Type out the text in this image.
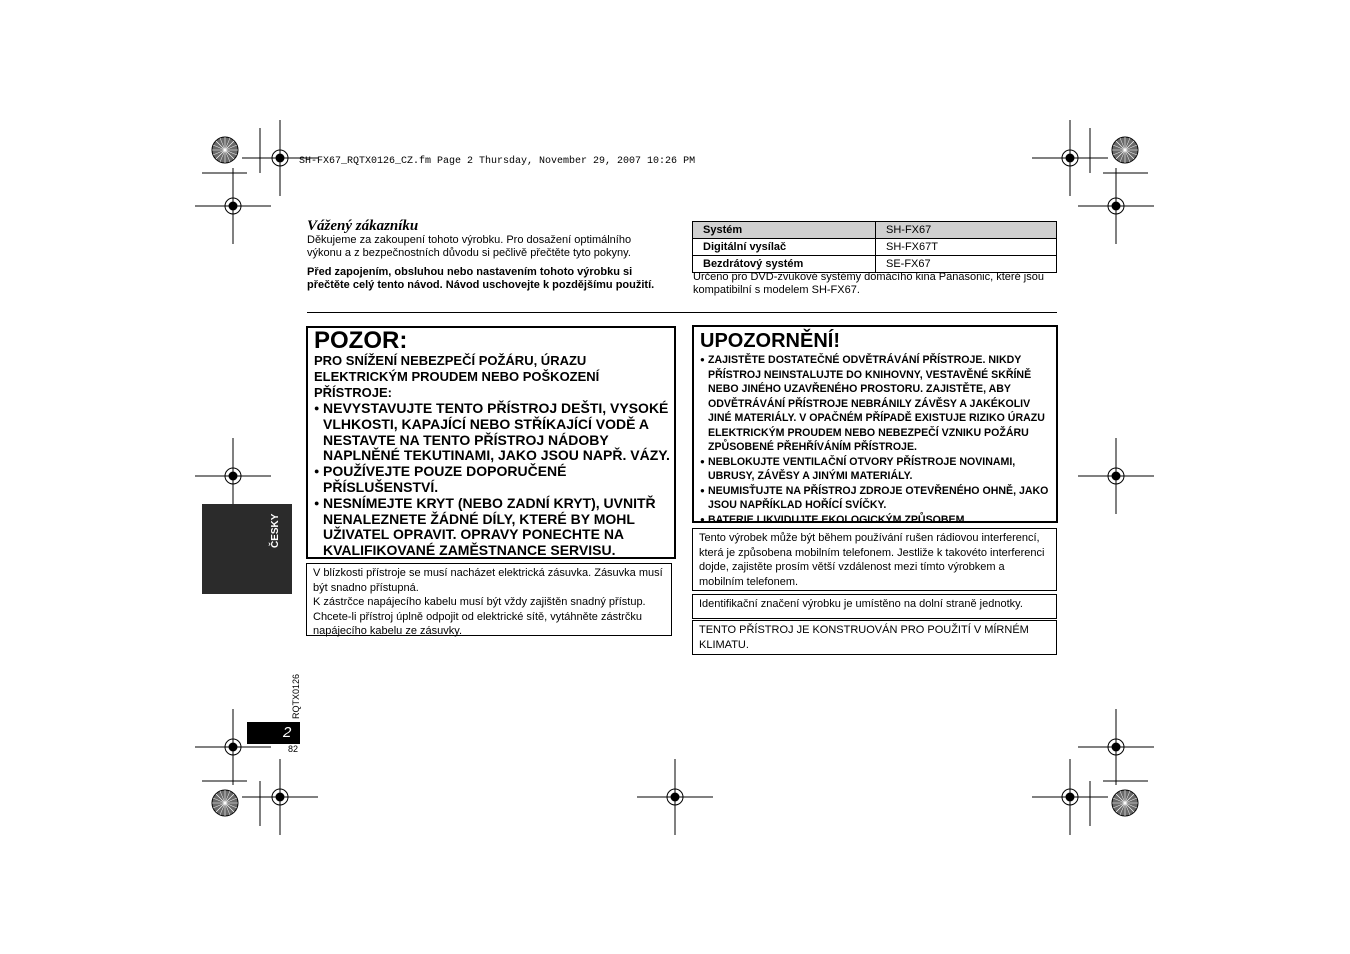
SH-FX67_RQTX0126_CZ.fm Page 2 Thursday, November 29, 2007 10:26 PM
Vážený zákazníku
Děkujeme za zakoupení tohoto výrobku. Pro dosažení optimálního výkonu a z bezpečnostních důvodu si pečlivě přečtěte tyto pokyny.
Před zapojením, obsluhou nebo nastavením tohoto výrobku si přečtěte celý tento návod. Návod uschovejte k pozdějšímu použití.
Systém	SH-FX67
Digitální vysílač	SH-FX67T
Bezdrátový systém	SE-FX67
Určeno pro DVD-zvukové systémy domácího kina Panasonic, které jsou kompatibilní s modelem SH-FX67.
POZOR:
PRO SNÍŽENÍ NEBEZPEČÍ POŽÁRU, ÚRAZU ELEKTRICKÝM PROUDEM NEBO POŠKOZENÍ PŘÍSTROJE:
● NEVYSTAVUJTE TENTO PŘÍSTROJ DEŠTI, VYSOKÉ VLHKOSTI, KAPAJÍCÍ NEBO STŘÍKAJÍCÍ VODĚ A NESTAVTE NA TENTO PŘÍSTROJ NÁDOBY NAPLNĚNÉ TEKUTINAMI, JAKO JSOU NAPŘ. VÁZY.
● POUŽÍVEJTE POUZE DOPORUČENÉ PŘÍSLUŠENSTVÍ.
● NESNÍMEJTE KRYT (NEBO ZADNÍ KRYT), UVNITŘ NENALEZNETE ŽÁDNÉ DÍLY, KTERÉ BY MOHL UŽIVATEL OPRAVIT. OPRAVY PONECHTE NA KVALIFIKOVANÉ ZAMĚSTNANCE SERVISU.
V blízkosti přístroje se musí nacházet elektrická zásuvka. Zásuvka musí být snadno přístupná.
K zástrčce napájecího kabelu musí být vždy zajištěn snadný přístup. Chcete-li přístroj úplně odpojit od elektrické sítě, vytáhněte zástrčku napájecího kabelu ze zásuvky.
UPOZORNĚNÍ!
● ZAJISTĚTE DOSTATEČNÉ ODVĚTRÁVÁNÍ PŘÍSTROJE. NIKDY PŘÍSTROJ NEINSTALUJTE DO KNIHOVNY, VESTAVĚNÉ SKŘÍNĚ NEBO JINÉHO UZAVŘENÉHO PROSTORU. ZAJISTĚTE, ABY ODVĚTRÁVÁNÍ PŘÍSTROJE NEBRÁNILY ZÁVĚSY A JAKÉKOLIV JINÉ MATERIÁLY. V OPAČNÉM PŘÍPADĚ EXISTUJE RIZIKO ÚRAZU ELEKTRICKÝM PROUDEM NEBO NEBEZPEČÍ VZNIKU POŽÁRU ZPŮSOBENÉ PŘEHŘÍVÁNÍM PŘÍSTROJE.
● NEBLOKUJTE VENTILAČNÍ OTVORY PŘÍSTROJE NOVINAMI, UBRUSY, ZÁVĚSY A JINÝMI MATERIÁLY.
● NEUMISŤUJTE NA PŘÍSTROJ ZDROJE OTEVŘENÉHO OHNĚ, JAKO JSOU NAPŘÍKLAD HOŘÍCÍ SVÍČKY.
● BATERIE LIKVIDUJTE EKOLOGICKÝM ZPŮSOBEM.
Tento výrobek může být během používání rušen rádiovou interferencí, která je způsobena mobilním telefonem. Jestliže k takovéto interferenci dojde, zajistěte prosím větší vzdálenost mezi tímto výrobkem a mobilním telefonem.
Identifikační značení výrobku je umístěno na dolní straně jednotky.
TENTO PŘÍSTROJ JE KONSTRUOVÁN PRO POUŽITÍ V MÍRNÉM KLIMATU.
ČESKY
RQTX0126
2
82
